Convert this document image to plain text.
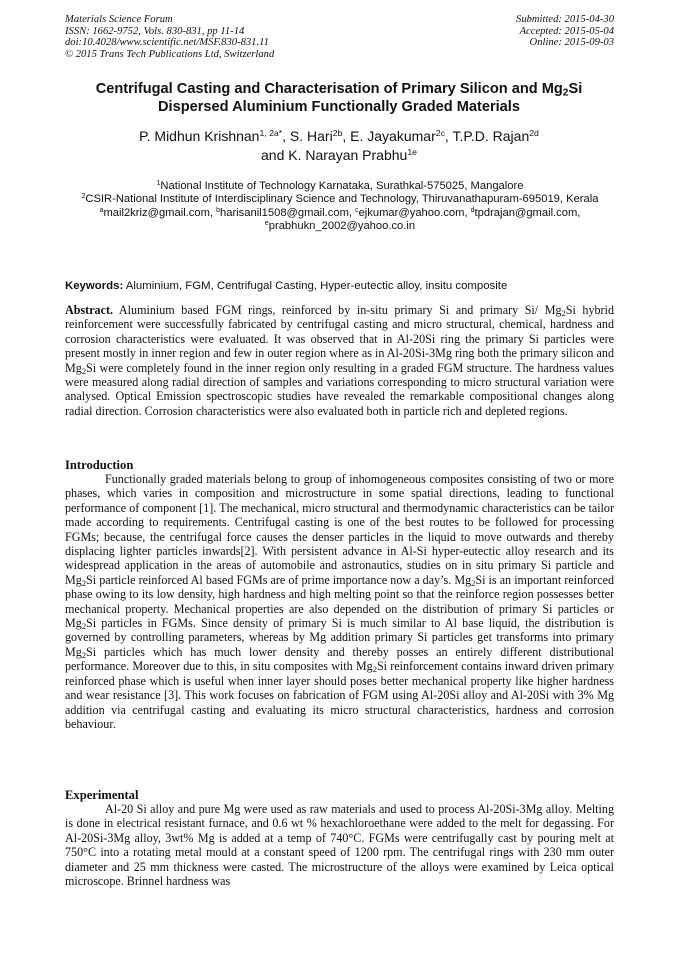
Materials Science Forum
ISSN: 1662-9752, Vols. 830-831, pp 11-14
doi:10.4028/www.scientific.net/MSF.830-831.11
© 2015 Trans Tech Publications Ltd, Switzerland
Submitted: 2015-04-30
Accepted: 2015-05-04
Online: 2015-09-03
Centrifugal Casting and Characterisation of Primary Silicon and $Mg_2Si$
Dispersed Aluminium Functionally Graded Materials
P. Midhun Krishnan$^{1, 2a*}$, S. Hari$^{2b}$, E. Jayakumar$^{2c}$, T.P.D. Rajan$^{2d}$
and K. Narayan Prabhu$^{1e}$
$^1$National Institute of Technology Karnataka, Surathkal-575025, Mangalore
$^2$CSIR-National Institute of Interdisciplinary Science and Technology, Thiruvanathapuram-695019, Kerala
$^a$mail2kriz@gmail.com, $^b$harisanil1508@gmail.com, $^c$ejkumar@yahoo.com, $^d$tpdrajan@gmail.com,
$^e$prabhukn_2002@yahoo.co.in
Keywords: Aluminium, FGM, Centrifugal Casting, Hyper-eutectic alloy, insitu composite
Abstract. Aluminium based FGM rings, reinforced by in-situ primary Si and primary Si/ $Mg_2Si$ hybrid reinforcement were successfully fabricated by centrifugal casting and micro structural, chemical, hardness and corrosion characteristics were evaluated. It was observed that in Al-20Si ring the primary Si particles were present mostly in inner region and few in outer region where as in Al-20Si-3Mg ring both the primary silicon and $Mg_2Si$ were completely found in the inner region only resulting in a graded FGM structure. The hardness values were measured along radial direction of samples and variations corresponding to micro structural variation were analysed. Optical Emission spectroscopic studies have revealed the remarkable compositional changes along radial direction. Corrosion characteristics were also evaluated both in particle rich and depleted regions.
Introduction
Functionally graded materials belong to group of inhomogeneous composites consisting of two or more phases, which varies in composition and microstructure in some spatial directions, leading to functional performance of component [1]. The mechanical, micro structural and thermodynamic characteristics can be tailor made according to requirements. Centrifugal casting is one of the best routes to be followed for processing FGMs; because, the centrifugal force causes the denser particles in the liquid to move outwards and thereby displacing lighter particles inwards[2]. With persistent advance in Al-Si hyper-eutectic alloy research and its widespread application in the areas of automobile and astronautics, studies on in situ primary Si particle and $Mg_2Si$ particle reinforced Al based FGMs are of prime importance now a day’s. $Mg_2Si$ is an important reinforced phase owing to its low density, high hardness and high melting point so that the reinforce region possesses better mechanical property. Mechanical properties are also depended on the distribution of primary Si particles or $Mg_2Si$ particles in FGMs. Since density of primary Si is much similar to Al base liquid, the distribution is governed by controlling parameters, whereas by Mg addition primary Si particles get transforms into primary $Mg_2Si$ particles which has much lower density and thereby posses an entirely different distributional performance. Moreover due to this, in situ composites with $Mg_2Si$ reinforcement contains inward driven primary reinforced phase which is useful when inner layer should poses better mechanical property like higher hardness and wear resistance [3]. This work focuses on fabrication of FGM using Al-20Si alloy and Al-20Si with 3% Mg addition via centrifugal casting and evaluating its micro structural characteristics, hardness and corrosion behaviour.
Experimental
Al-20 Si alloy and pure Mg were used as raw materials and used to process Al-20Si-3Mg alloy. Melting is done in electrical resistant furnace, and 0.6 wt % hexachloroethane were added to the melt for degassing. For Al-20Si-3Mg alloy, 3wt% Mg is added at a temp of 740°C. FGMs were centrifugally cast by pouring melt at 750°C into a rotating metal mould at a constant speed of 1200 rpm. The centrifugal rings with 230 mm outer diameter and 25 mm thickness were casted. The microstructure of the alloys were examined by Leica optical microscope. Brinnel hardness was
